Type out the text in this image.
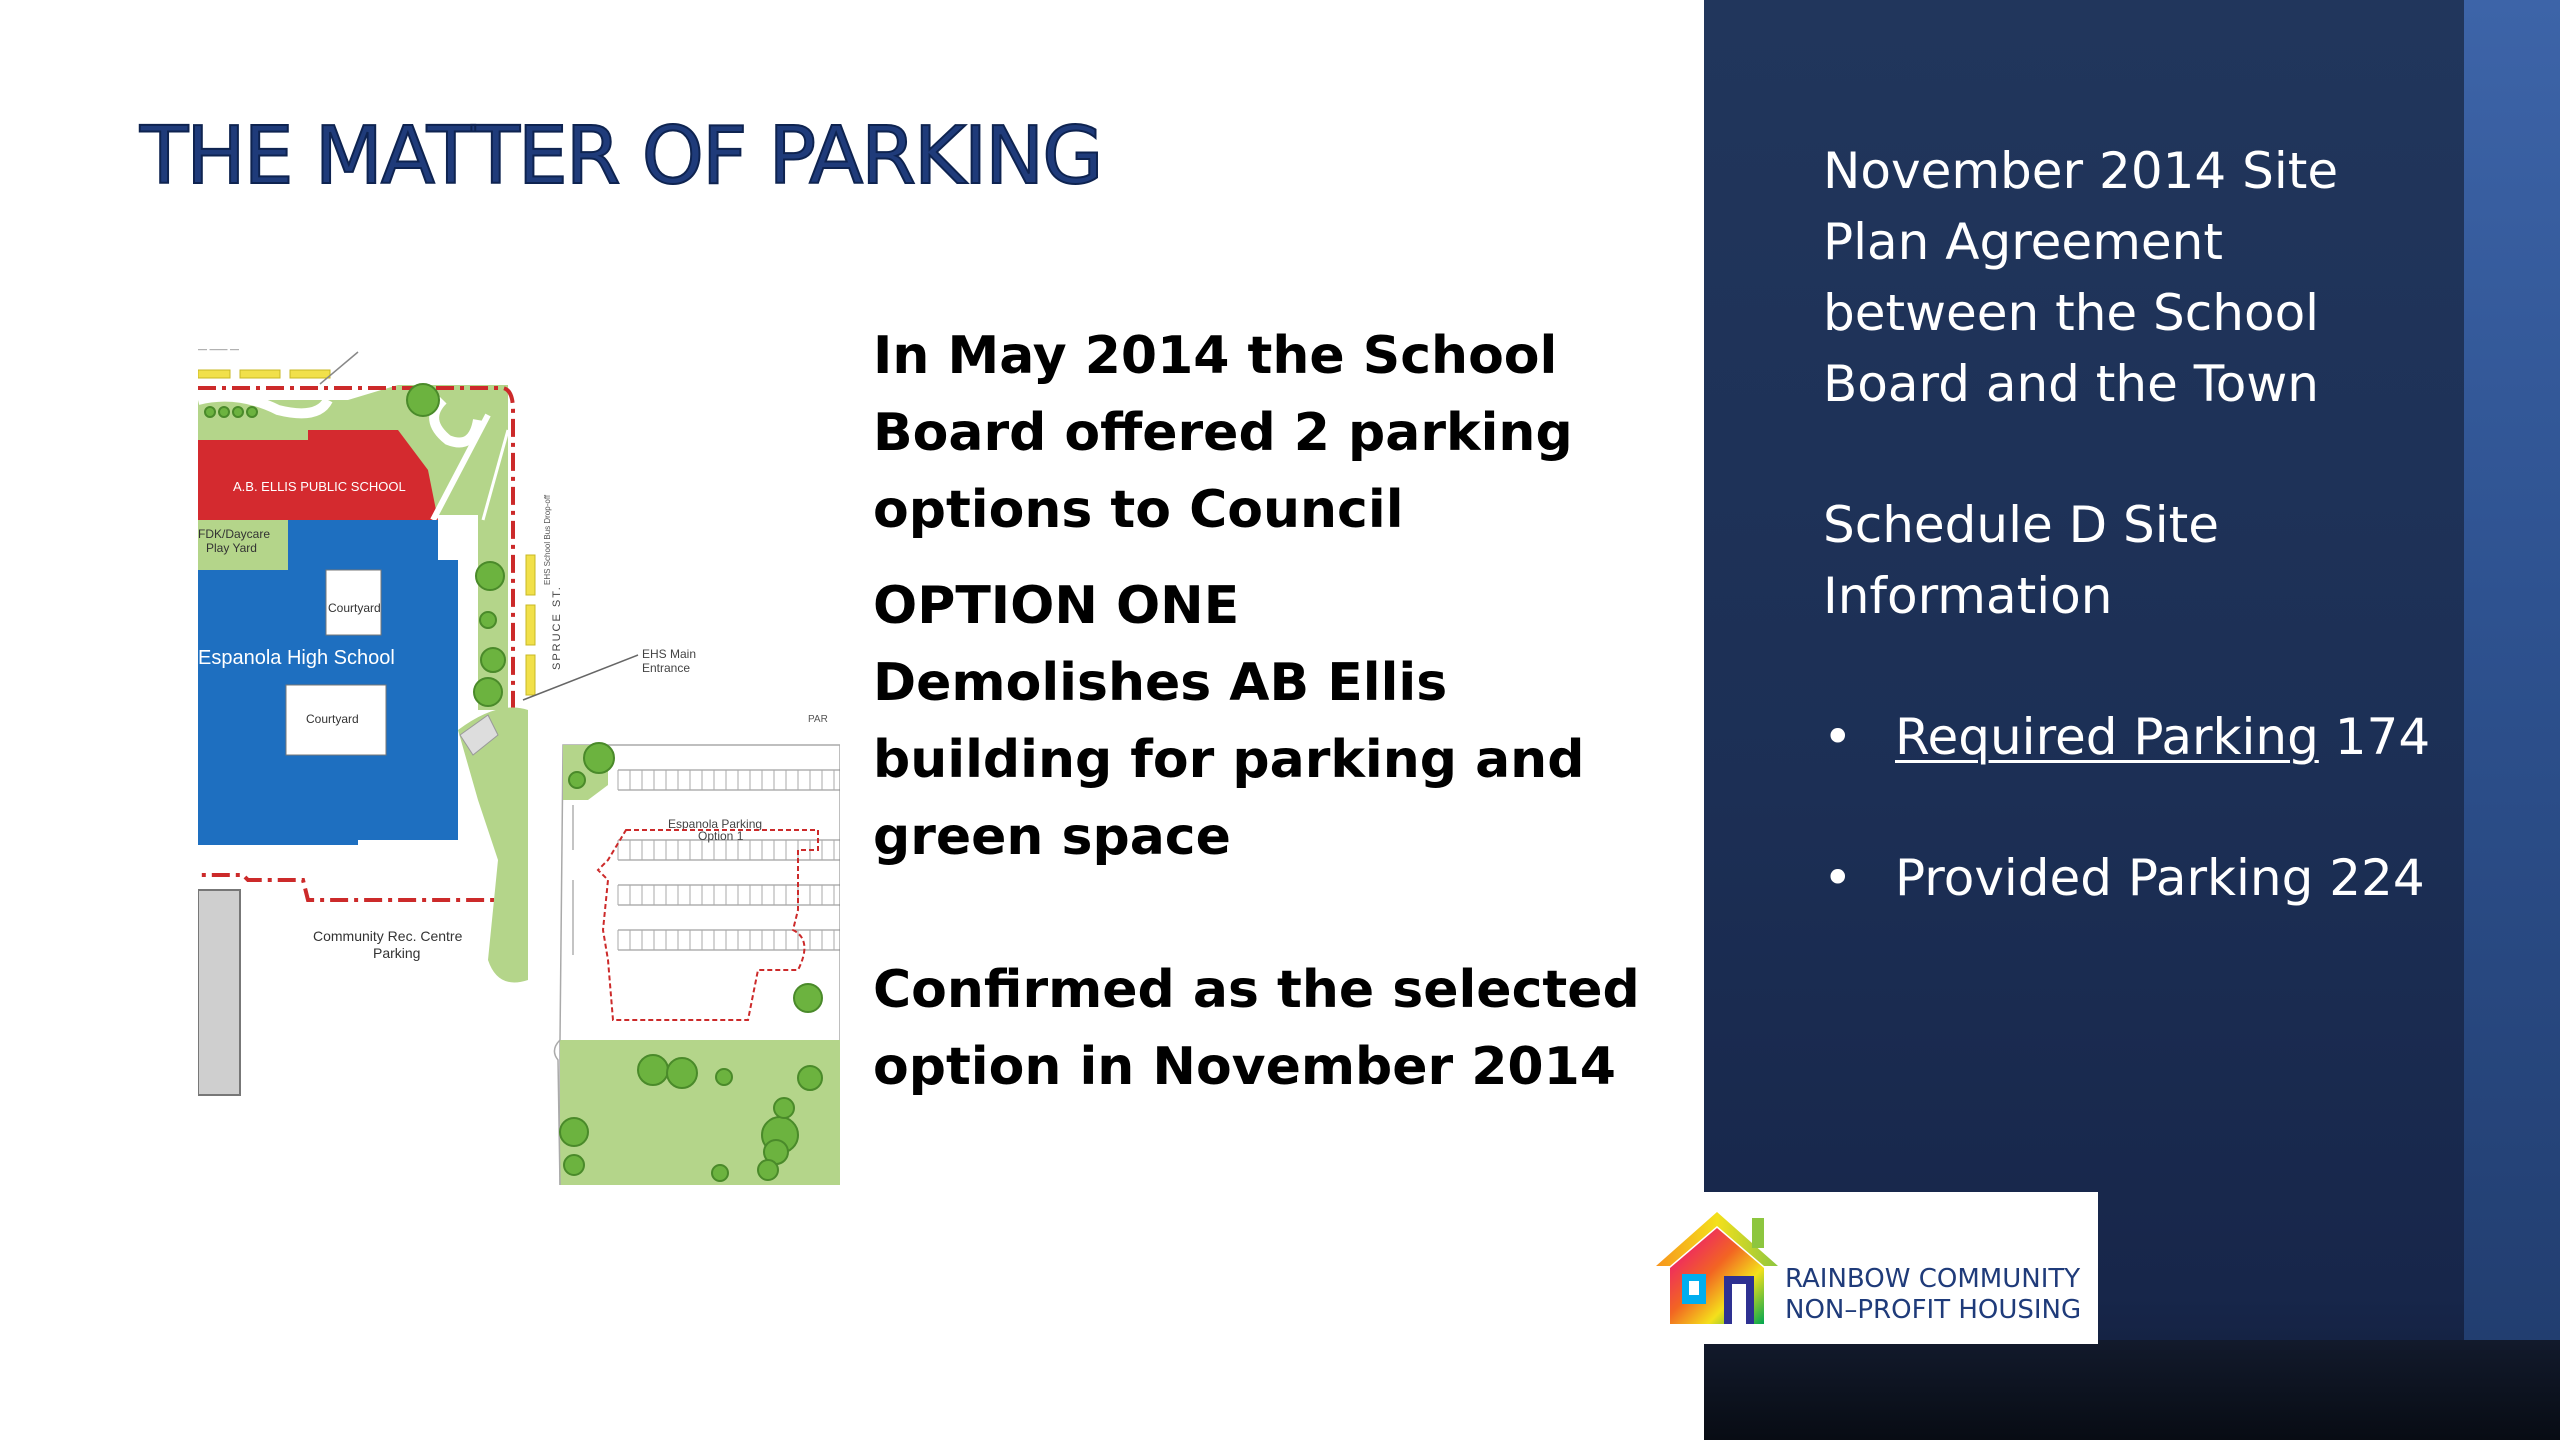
THE MATTER OF PARKING
— —— —
A.B. ELLIS PUBLIC SCHOOL
FDK/Daycare
Play Yard
Courtyard
Espanola High School
Courtyard
EHS School Bus Drop-off
SPRUCE ST.	EHS Main
Entrance
PAR
Community Rec. Centre
Parking
Espanola Parking
Option 1

In May 2014 the School
Board offered 2 parking
options to Council

OPTION ONE
Demolishes AB Ellis
building for parking and
green space

Confirmed as the selected
option in November 2014

November 2014 Site
Plan Agreement
between the School
Board and the Town

Schedule D Site
Information

• Required Parking 174
• Provided Parking 224
RAINBOW COMMUNITY
NON–PROFIT HOUSING
